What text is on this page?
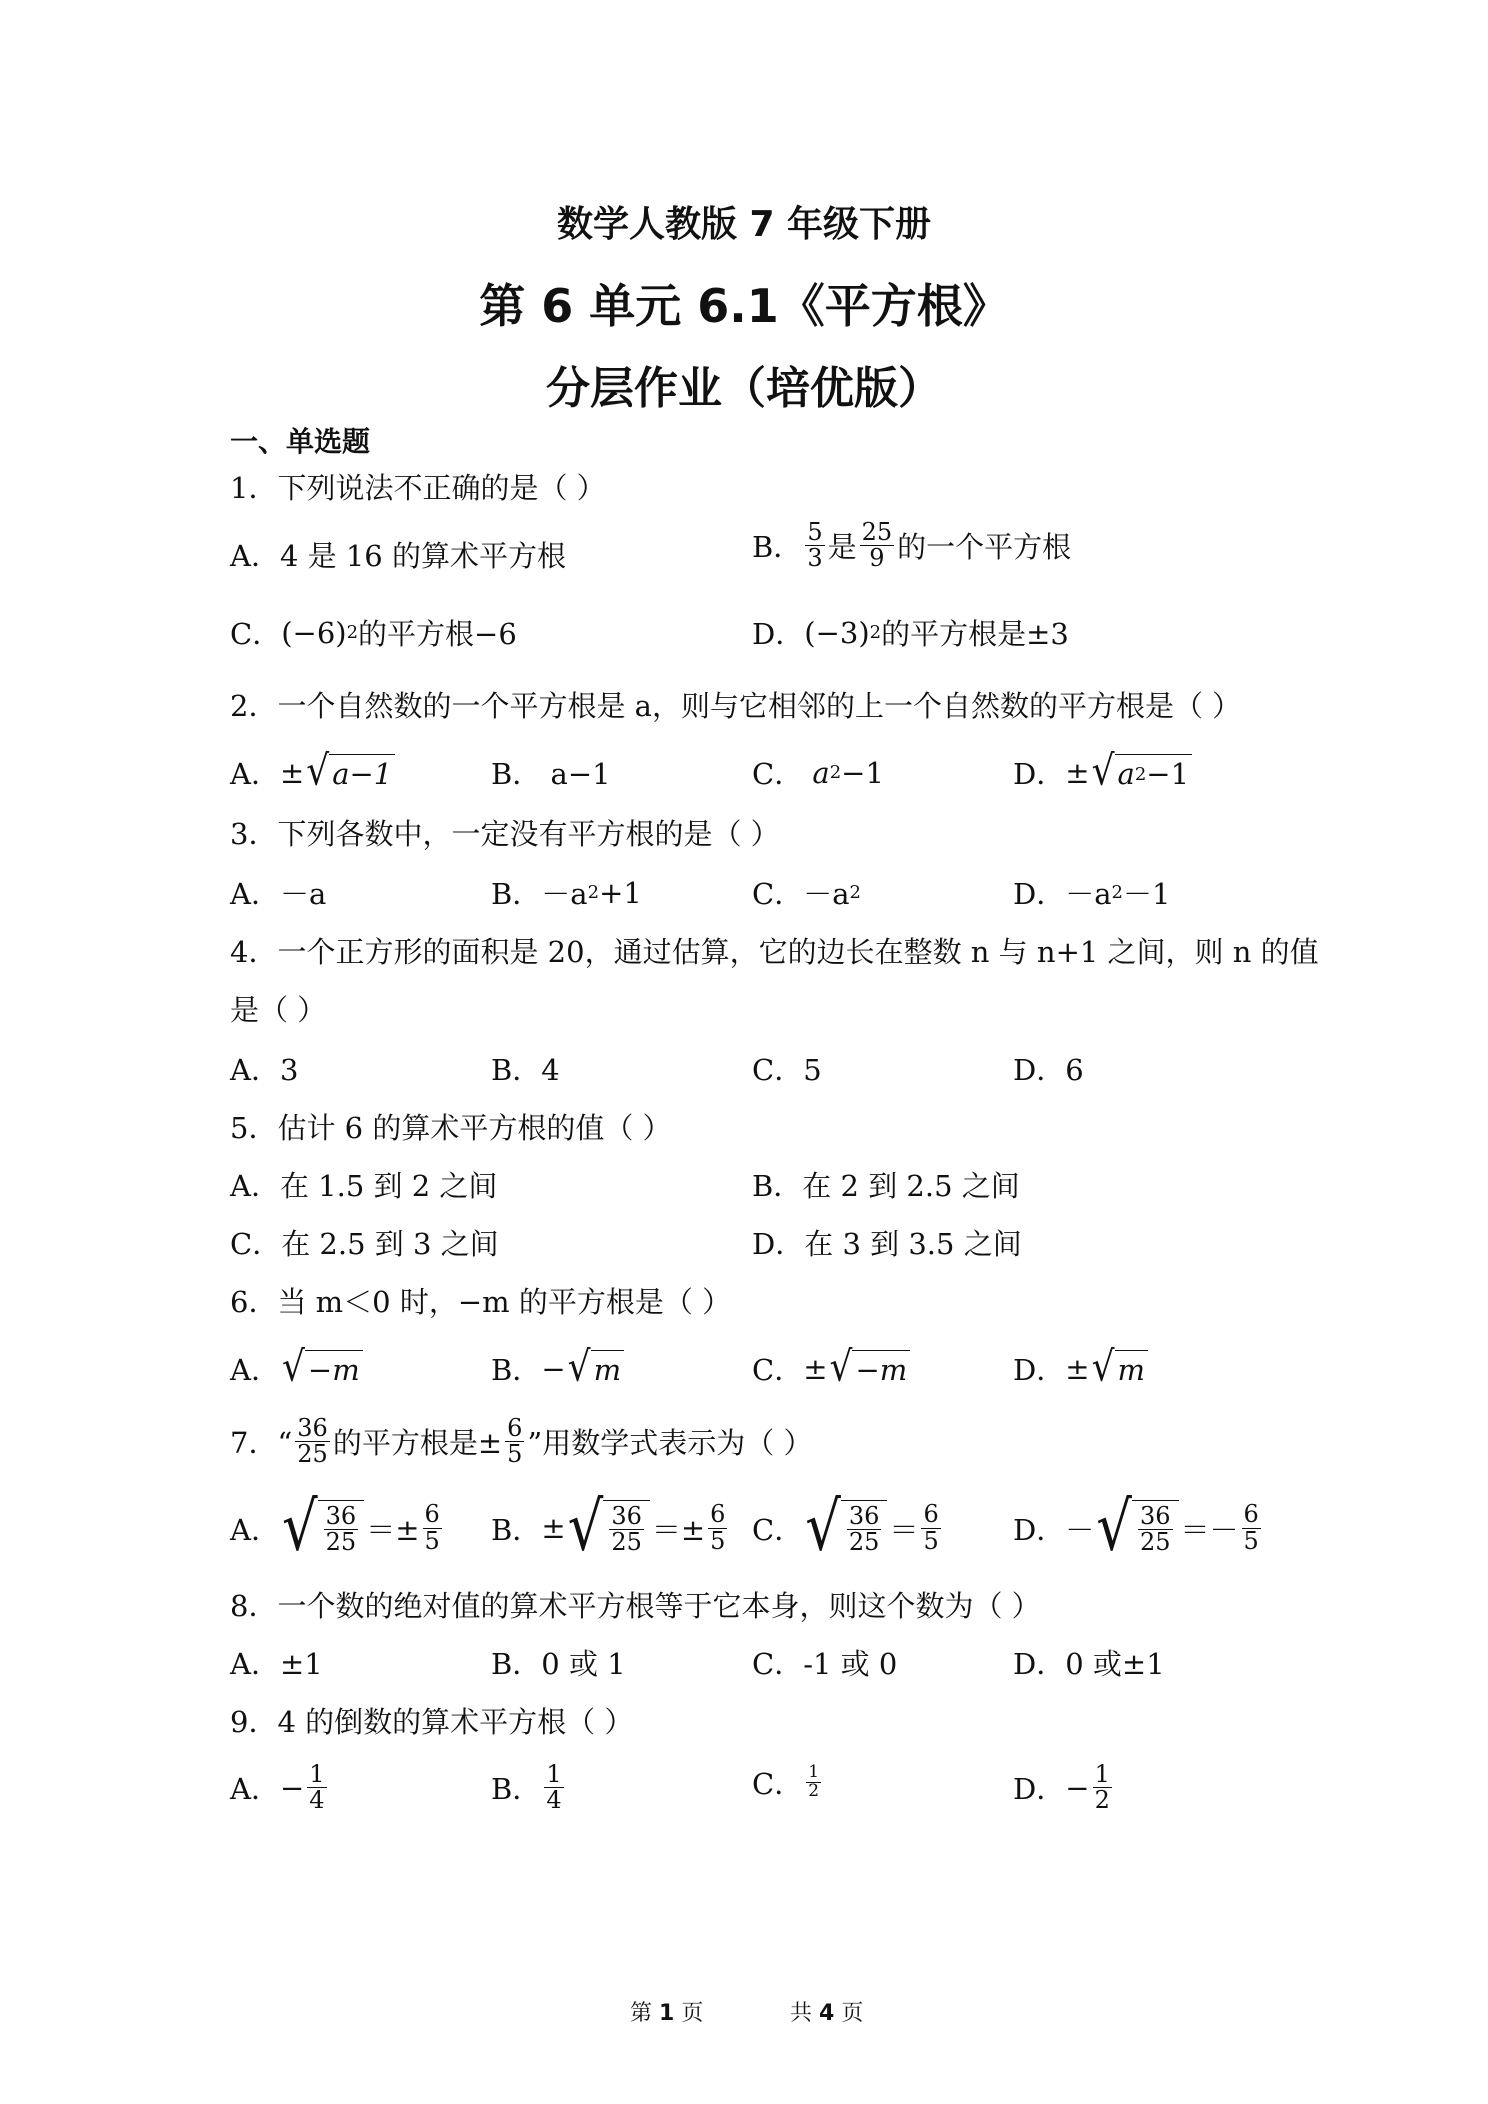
数学人教版 7 年级下册
第 6 单元 6.1《平方根》
分层作业（培优版）
一、单选题
1．下列说法不正确的是（ ）
A．4 是 16 的算术平方根	B． $\frac{5}{3}$ 是 $\frac{25}{9}$ 的一个平方根
C． (−6) 2 的平方根−6	D． (−3) 2 的平方根是±3
2．一个自然数的一个平方根是 a，则与它相邻的上一个自然数的平方根是（ ）
A． ± √ a−1	B． a−1	C．
a 2 −1	D． ± √ a 2 −1
3．下列各数中，一定没有平方根的是（ ）
A．－a	B．－a 2 +1	C．－a 2	D．－a 2 －1
4．一个正方形的面积是 20，通过估算，它的边长在整数 n 与 n+1 之间，则 n 的值
是（ ）
A．3	B．4	C．5	D．6
5．估计 6 的算术平方根的值（ ）
A．在 1.5 到 2 之间	B．在 2 到 2.5 之间
C．在 2.5 到 3 之间	D．在 3 到 3.5 之间
6．当 m＜0 时，−m 的平方根是（ ）
A． √ −m	B． − √ m	C． ± √ −m	D． ± √ m
7．“ $\frac{36}{25}$ 的平方根是± $\frac{6}{5}$ ”用数学式表示为（ ）
A． √ $\frac{36}{25} =\pm \frac{6}{5}$ B． ± √ $\frac{36}{25} =\pm \frac{6}{5}$ C． √ $\frac{36}{25} = \frac{6}{5}$ D． － √ $\frac{36}{25} =- \frac{6}{5}$
8．一个数的绝对值的算术平方根等于它本身，则这个数为（ ）
A．±1	B．0 或 1	C．-1 或 0	D．0 或±1
9．4 的倒数的算术平方根（ ）
A． − $\frac{1}{4}$	B． $\frac{1}{4}$	C． $\frac{1}{2}$	D． − $\frac{1}{2}$
第 1 页	共 4 页
